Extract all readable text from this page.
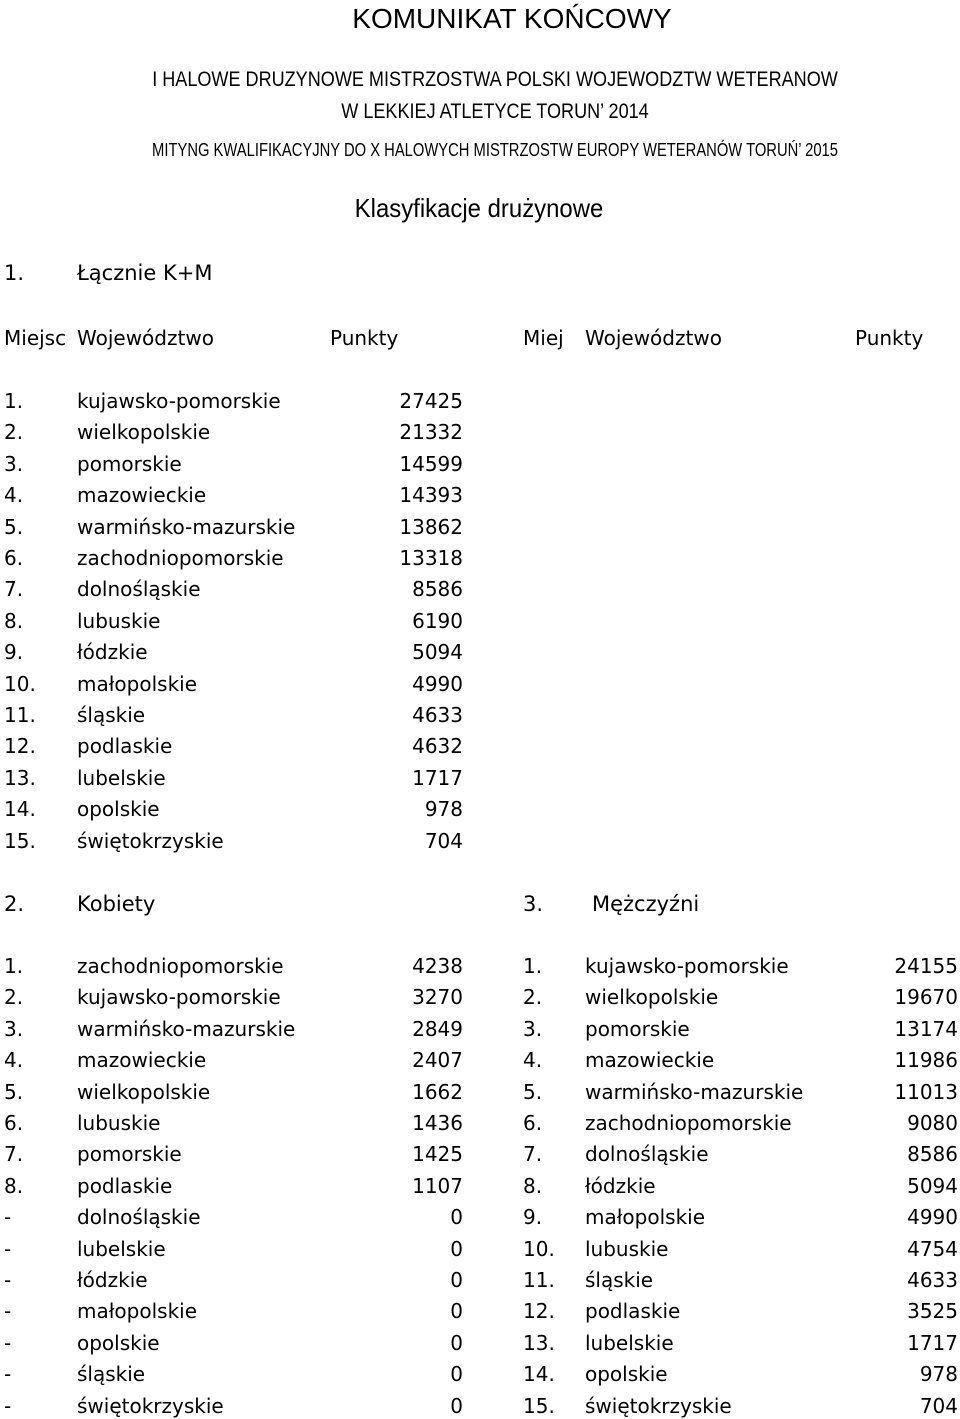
KOMUNIKAT KOŃCOWY
I HALOWE DRUZYNOWE MISTRZOSTWA POLSKI WOJEWODZTW WETERANOW
W LEKKIEJ ATLETYCE TORUN’ 2014
MITYNG KWALIFIKACYJNY DO X HALOWYCH MISTRZOSTW EUROPY WETERANÓW TORUŃ’ 2015
Klasyfikacje drużynowe
1.	Łącznie K+M
Miejsc Województwo	Punkty	Miej Województwo	Punkty
2.	Kobiety	3. Mężczyźni
1.	kujawsko-pomorskie	27425
2.	wielkopolskie	21332
3.	pomorskie	14599
4.	mazowieckie	14393
5.	warmińsko-mazurskie	13862
6.	zachodniopomorskie	13318
7.	dolnośląskie	8586
8.	lubuskie	6190
9.	łódzkie	5094
10. małopolskie	4990
11. śląskie	4633
12. podlaskie	4632
13. lubelskie	1717
14. opolskie	978
15. świętokrzyskie	704
1.	zachodniopomorskie	4238
2.	kujawsko-pomorskie	3270
3.	warmińsko-mazurskie	2849
4.	mazowieckie	2407
5.	wielkopolskie	1662
6.	lubuskie	1436
7.	pomorskie	1425
8.	podlaskie	1107
-	dolnośląskie	0
-	lubelskie	0
-	łódzkie	0
-	małopolskie	0
-	opolskie	0
-	śląskie	0
-	świętokrzyskie	0
1. kujawsko-pomorskie	24155
2. wielkopolskie	19670
3. pomorskie	13174
4. mazowieckie	11986
5. warmińsko-mazurskie	11013
6. zachodniopomorskie	9080
7. dolnośląskie	8586
8. łódzkie	5094
9. małopolskie	4990
10. lubuskie	4754
11. śląskie	4633
12. podlaskie	3525
13. lubelskie	1717
14. opolskie	978
15. świętokrzyskie	704
